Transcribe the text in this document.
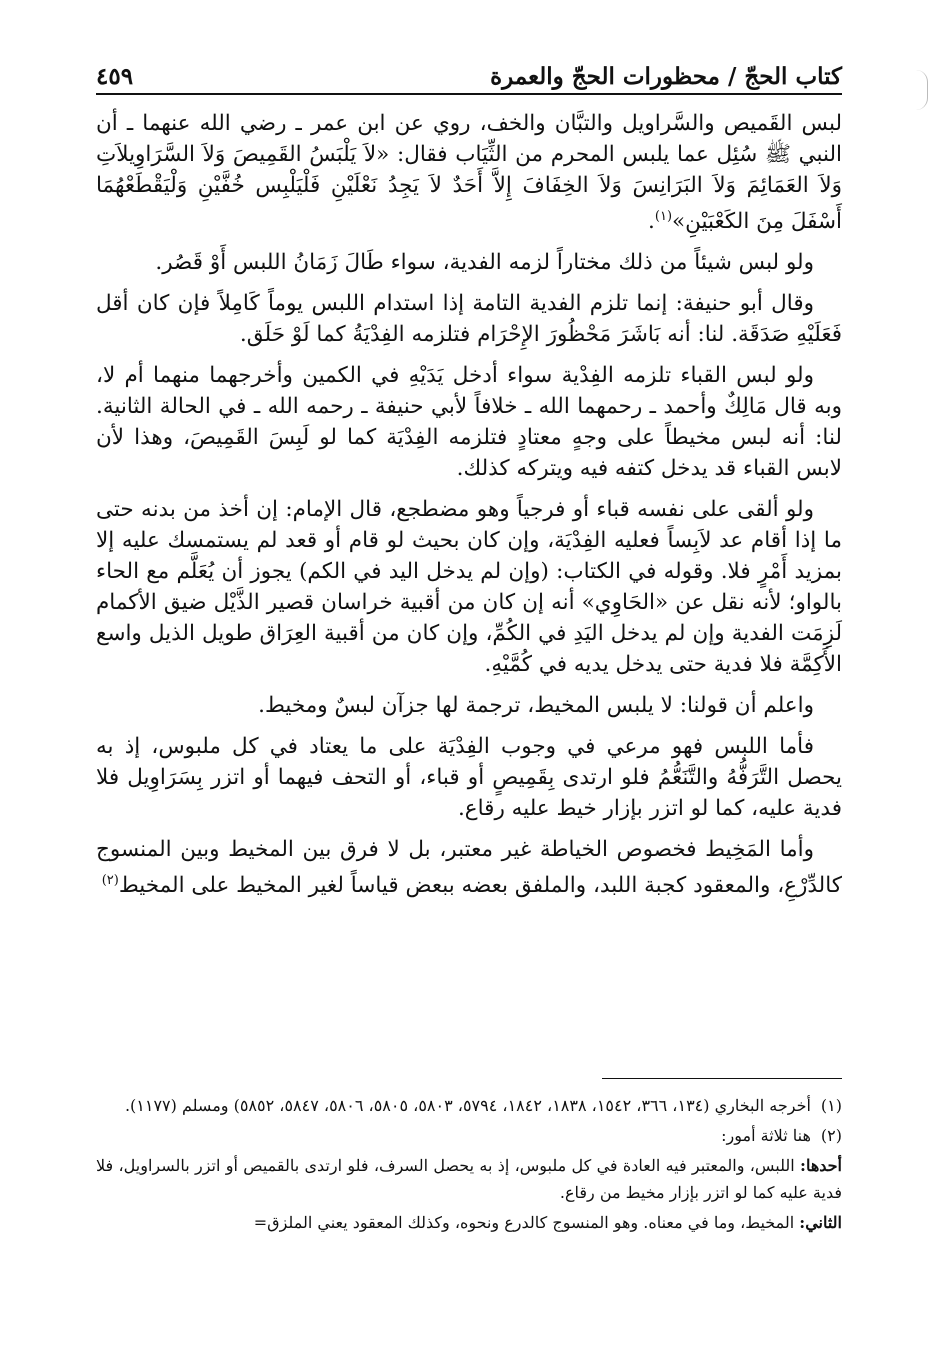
كتاب الحجّ / محظورات الحجّ والعمرة
٤٥٩

لبس القَميص والسَّراويل والتبَّان والخف، روي عن ابن عمر ـ رضي الله عنهما ـ أن النبي ﷺ سُئِل عما يلبس المحرم من الثِّيَاب فقال: «لاَ يَلْبَسُ القَمِيصَ وَلاَ السَّرَاوِيلاَتِ وَلاَ العَمَائِمَ وَلاَ البَرَانِسَ وَلاَ الخِفَافَ إِلاَّ أَحَدٌ لاَ يَجِدُ نَعْلَيْنِ فَلْيَلْبِس خُفَّيْنِ وَلْيَقْطَعْهُمَا أَسْفَلَ مِنَ الكَعْبَيْنِ»$^{(١)}$.

ولو لبس شيئاً من ذلك مختاراً لزمه الفدية، سواء طَالَ زَمَانُ اللبس أَوْ قَصُر.

وقال أبو حنيفة: إنما تلزم الفدية التامة إذا استدام اللبس يوماً كَامِلاً فإن كان أقل فَعَلَيْهِ صَدَقَة. لنا: أنه بَاشَرَ مَحْظُورَ الإِحْرَام فتلزمه الفِدْيَةُ كما لَوْ حَلَق.

ولو لبس القباء تلزمه الفِدْية سواء أدخل يَدَيْهِ في الكمين وأخرجهما منهما أم لا، وبه قال مَالِكٌ وأحمد ـ رحمهما الله ـ خلافاً لأبي حنيفة ـ رحمه الله ـ في الحالة الثانية. لنا: أنه لبس مخيطاً على وجهٍ معتادٍ فتلزمه الفِدْيَة كما لو لَبِسَ القَمِيصَ، وهذا لأن لابس القباء قد يدخل كتفه فيه ويتركه كذلك.

ولو ألقى على نفسه قباء أو فرجياً وهو مضطجع، قال الإمام: إن أخذ من بدنه حتى ما إذا أقام عد لاَبِساً فعليه الفِدْيَة، وإن كان بحيث لو قام أو قعد لم يستمسك عليه إلا بمزيد أَمْرٍ فلا. وقوله في الكتاب: (وإن لم يدخل اليد في الكم) يجوز أن يُعَلَّم مع الحاء بالواو؛ لأنه نقل عن «الحَاوِي» أنه إن كان من أقبية خراسان قصير الذَّيْل ضيق الأكمام لَزِمَت الفدية وإن لم يدخل اليَدِ في الكُمِّ، وإن كان من أقبية العِرَاق طويل الذيل واسع الأَكِمَّة فلا فدية حتى يدخل يديه في كُمَّيْهِ.

واعلم أن قولنا: لا يلبس المخيط، ترجمة لها جزآن لبسٌ ومخيط.

فأما اللبس فهو مرعي في وجوب الفِدْيَة على ما يعتاد في كل ملبوس، إذ به يحصل التَّرَفُّهُ والتَّنَعُّمُ فلو ارتدى بِقَمِيصٍ أو قباء، أو التحف فيهما أو اتزر بِسَرَاوِيل فلا فدية عليه، كما لو اتزر بإزار خيط عليه رقاع.

وأما المَخِيط فخصوص الخياطة غير معتبر، بل لا فرق بين المخيط وبين المنسوج كالدِّرْعِ، والمعقود كجبة اللبد، والملفق بعضه ببعض قياساً لغير المخيط على المخيط$^{(٢)}$

(١)أخرجه البخاري (١٣٤، ٣٦٦، ١٥٤٢، ١٨٣٨، ١٨٤٢، ٥٧٩٤، ٥٨٠٣، ٥٨٠٥، ٥٨٠٦، ٥٨٤٧، ٥٨٥٢) ومسلم (١١٧٧).

(٢)هنا ثلاثة أمور:

أحدها: اللبس، والمعتبر فيه العادة في كل ملبوس، إذ به يحصل السرف، فلو ارتدى بالقميص أو اتزر بالسراويل، فلا فدية عليه كما لو اتزر بإزار مخيط من رقاع.

الثاني: المخيط، وما في معناه. وهو المنسوج كالدرع ونحوه، وكذلك المعقود يعني الملزق=
